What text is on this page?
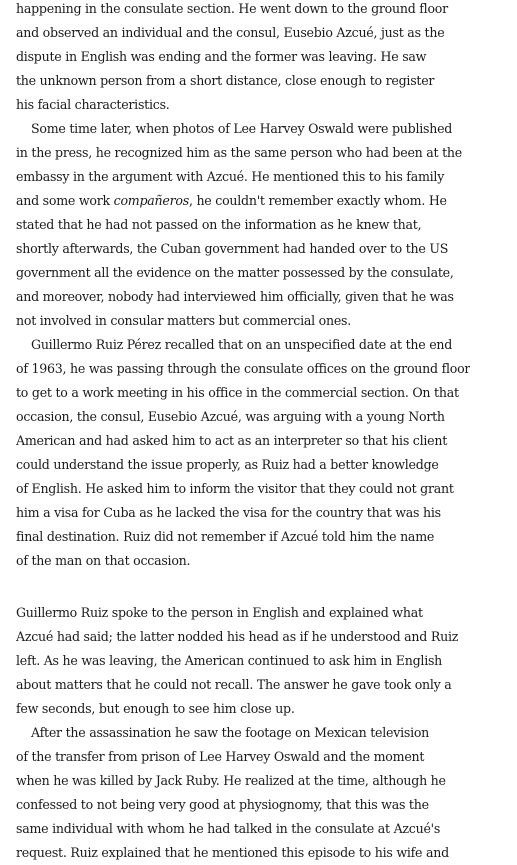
happening in the consulate section. He went down to the ground floor
and observed an individual and the consul, Eusebio Azcué, just as the
dispute in English was ending and the former was leaving. He saw
the unknown person from a short distance, close enough to register
his facial characteristics.
Some time later, when photos of Lee Harvey Oswald were published
in the press, he recognized him as the same person who had been at the
embassy in the argument with Azcué. He mentioned this to his family
and some work compañeros, he couldn't remember exactly whom. He
stated that he had not passed on the information as he knew that,
shortly afterwards, the Cuban government had handed over to the US
government all the evidence on the matter possessed by the consulate,
and moreover, nobody had interviewed him officially, given that he was
not involved in consular matters but commercial ones.
Guillermo Ruiz Pérez recalled that on an unspecified date at the end
of 1963, he was passing through the consulate offices on the ground floor
to get to a work meeting in his office in the commercial section. On that
occasion, the consul, Eusebio Azcué, was arguing with a young North
American and had asked him to act as an interpreter so that his client
could understand the issue properly, as Ruiz had a better knowledge
of English. He asked him to inform the visitor that they could not grant
him a visa for Cuba as he lacked the visa for the country that was his
final destination. Ruiz did not remember if Azcué told him the name
of the man on that occasion.
Guillermo Ruiz spoke to the person in English and explained what
Azcué had said; the latter nodded his head as if he understood and Ruiz
left. As he was leaving, the American continued to ask him in English
about matters that he could not recall. The answer he gave took only a
few seconds, but enough to see him close up.
After the assassination he saw the footage on Mexican television
of the transfer from prison of Lee Harvey Oswald and the moment
when he was killed by Jack Ruby. He realized at the time, although he
confessed to not being very good at physiognomy, that this was the
same individual with whom he had talked in the consulate at Azcué's
request. Ruiz explained that he mentioned this episode to his wife and
